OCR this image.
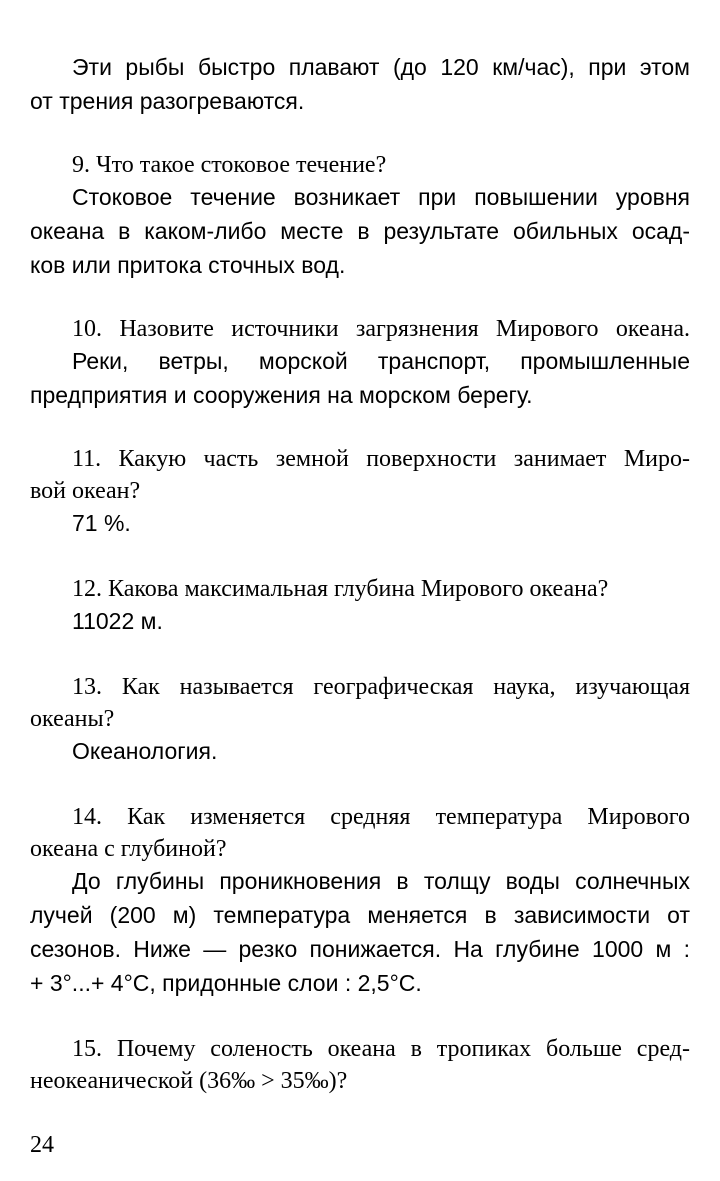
Эти рыбы быстро плавают (до 120 км/час), при этом

от трения разогреваются.

9. Что такое стоковое течение?

Стоковое течение возникает при повышении уровня

океана в каком-либо месте в результате обильных осад-

ков или притока сточных вод.

10. Назовите источники загрязнения Мирового океана.

Реки, ветры, морской транспорт, промышленные

предприятия и сооружения на морском берегу.

11. Какую часть земной поверхности занимает Миро-

вой океан?

71 %.

12. Какова максимальная глубина Мирового океана?

11022 м.

13. Как называется географическая наука, изучающая

океаны?

Океанология.

14. Как изменяется средняя температура Мирового

океана с глубиной?

До глубины проникновения в толщу воды солнечных

лучей (200 м) температура меняется в зависимости от

сезонов. Ниже — резко понижается. На глубине 1000 м :

+ 3°...+ 4°С, придонные слои : 2,5°С.

15. Почему соленость океана в тропиках больше сред-

неокеанической (36‰ > 35‰)?

24
